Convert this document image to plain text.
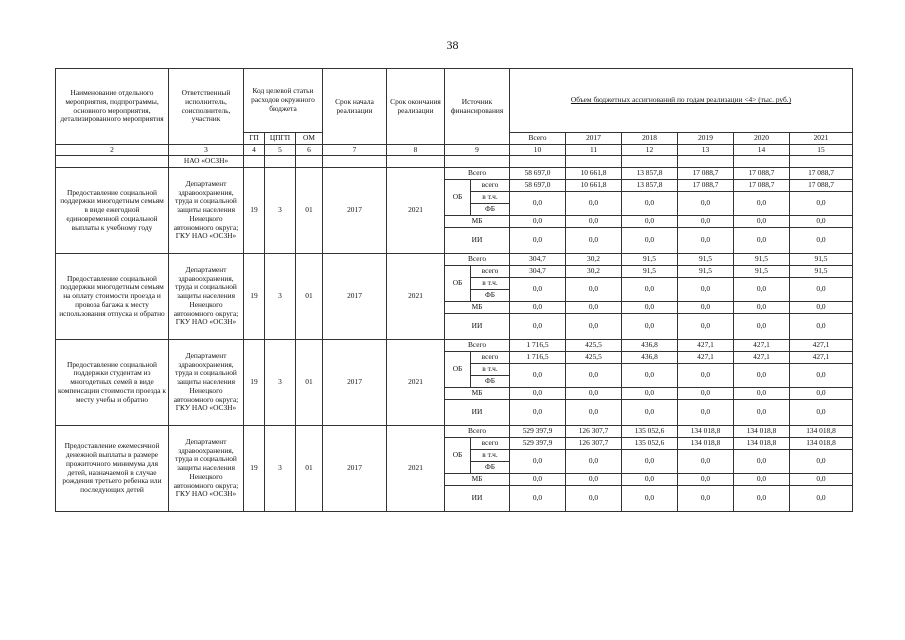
38
Наименование отдельного мероприятия, подпрограммы, основного мероприятия, детализированного мероприятия	Ответственный исполнитель, соисполнитель, участник	Код целевой статьи расходов окружного бюджета			Срок начала реализации	Срок окончания реализации	Источник финансирования		Объем бюджетных ассигнований по годам реализации <4> (тыс. руб.)					
		ГП	ЦПГП	ОМ					Всего	2017	2018	2019	2020	2021
2	3	4	5	6	7	8	9		10	11	12	13	14	15
	НАО «ОСЗН»													
Предоставление социальной поддержки многодетным семьям в виде ежегодной единовременной социальной выплаты к учебному году	Департамент здравоохранения, труда и социальной защиты населения Ненецкого автономного округа; ГКУ НАО «ОСЗН»	19	3	01	2017	2021	Всего		58 697,0	10 661,8	13 857,8	17 088,7	17 088,7	17 088,7
							ОБ	всего	58 697,0	10 661,8	13 857,8	17 088,7	17 088,7	17 088,7
								в т.ч.	0,0	0,0	0,0	0,0	0,0	0,0
								ФБ						
							МБ		0,0	0,0	0,0	0,0	0,0	0,0
							ИИ		0,0	0,0	0,0	0,0	0,0	0,0
Предоставление социальной поддержки многодетным семьям на оплату стоимости проезда и провоза багажа к месту использования отпуска и обратно	Департамент здравоохранения, труда и социальной защиты населения Ненецкого автономного округа; ГКУ НАО «ОСЗН»	19	3	01	2017	2021	Всего		304,7	30,2	91,5	91,5	91,5	91,5
							ОБ	всего	304,7	30,2	91,5	91,5	91,5	91,5
								в т.ч.	0,0	0,0	0,0	0,0	0,0	0,0
								ФБ						
							МБ		0,0	0,0	0,0	0,0	0,0	0,0
							ИИ		0,0	0,0	0,0	0,0	0,0	0,0
Предоставление социальной поддержки студентам из многодетных семей в виде компенсации стоимости проезда к месту учебы и обратно	Департамент здравоохранения, труда и социальной защиты населения Ненецкого автономного округа; ГКУ НАО «ОСЗН»	19	3	01	2017	2021	Всего		1 716,5	425,5	436,8	427,1	427,1	427,1
							ОБ	всего	1 716,5	425,5	436,8	427,1	427,1	427,1
								в т.ч.	0,0	0,0	0,0	0,0	0,0	0,0
								ФБ						
							МБ		0,0	0,0	0,0	0,0	0,0	0,0
							ИИ		0,0	0,0	0,0	0,0	0,0	0,0
Предоставление ежемесячной денежной выплаты в размере прожиточного минимума для детей, назначаемой в случае рождения третьего ребенка или последующих детей	Департамент здравоохранения, труда и социальной защиты населения Ненецкого автономного округа; ГКУ НАО «ОСЗН»	19	3	01	2017	2021	Всего		529 397,9	126 307,7	135 052,6	134 018,8	134 018,8	134 018,8
							ОБ	всего	529 397,9	126 307,7	135 052,6	134 018,8	134 018,8	134 018,8
								в т.ч.	0,0	0,0	0,0	0,0	0,0	0,0
								ФБ						
							МБ		0,0	0,0	0,0	0,0	0,0	0,0
							ИИ		0,0	0,0	0,0	0,0	0,0	0,0
